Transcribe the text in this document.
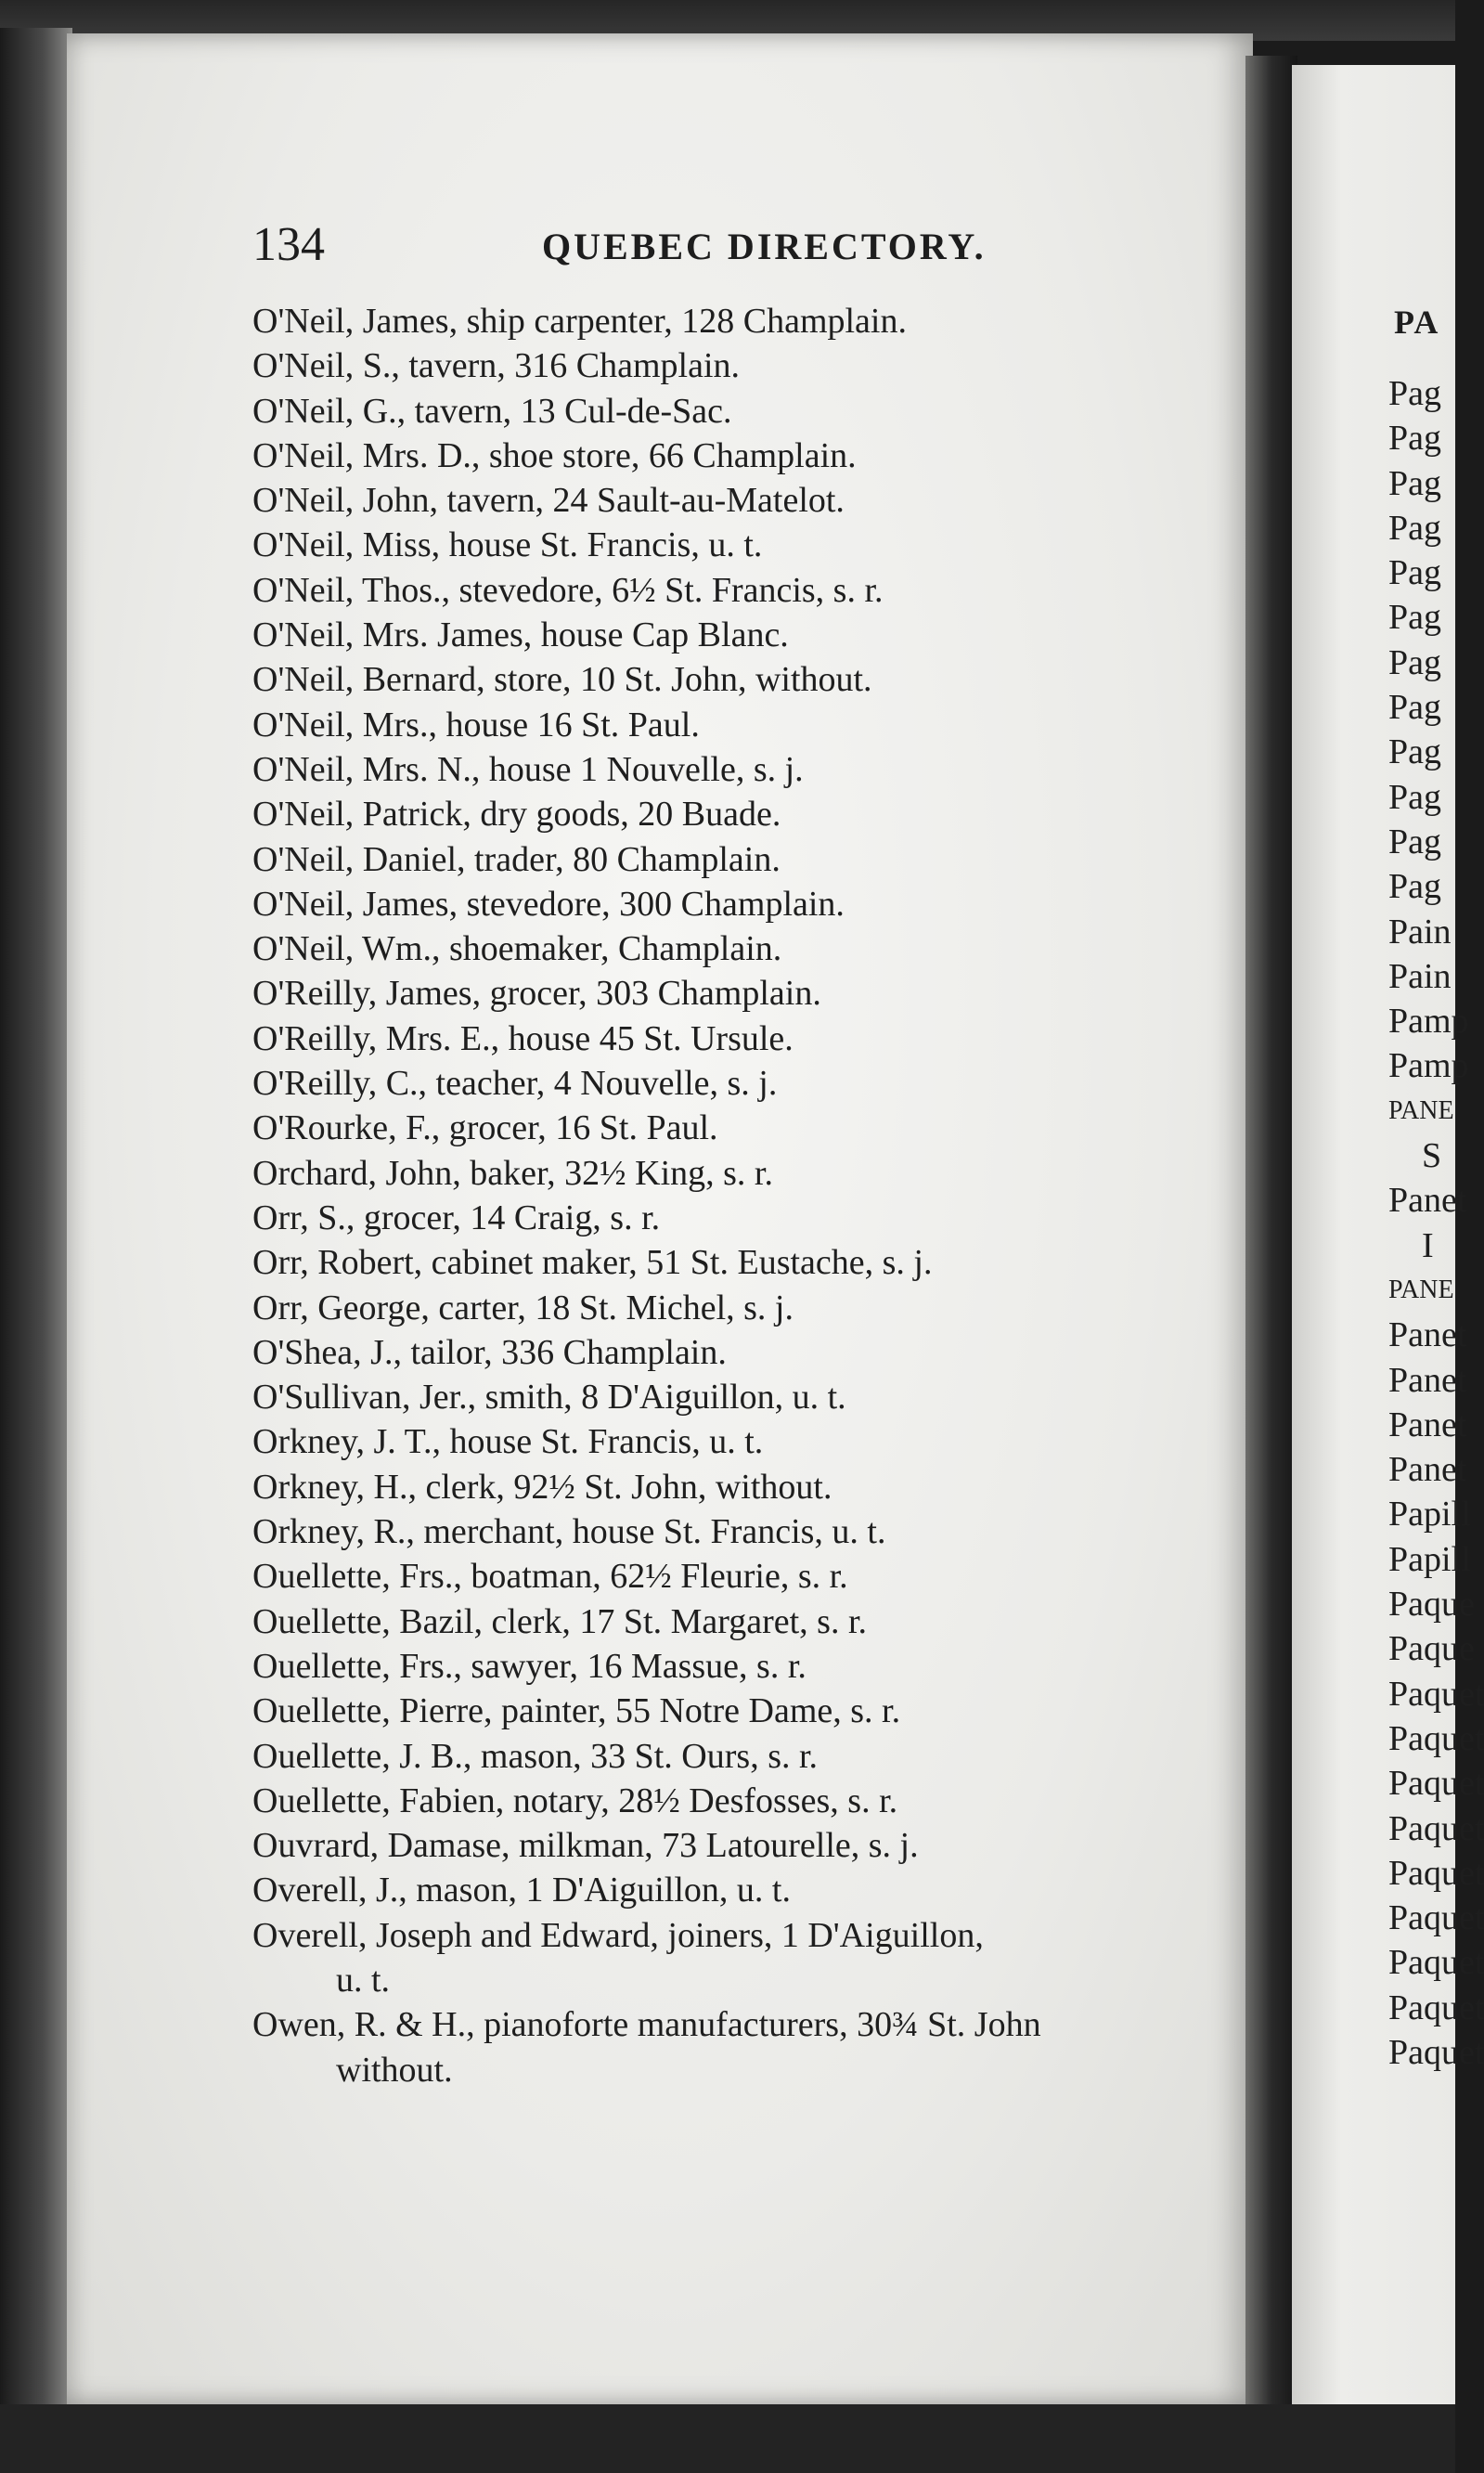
134	QUEBEC DIRECTORY.
O'Neil, James, ship carpenter, 128 Champlain.
O'Neil, S., tavern, 316 Champlain.
O'Neil, G., tavern, 13 Cul-de-Sac.
O'Neil, Mrs. D., shoe store, 66 Champlain.
O'Neil, John, tavern, 24 Sault-au-Matelot.
O'Neil, Miss, house St. Francis, u. t.
O'Neil, Thos., stevedore, 6½ St. Francis, s. r.
O'Neil, Mrs. James, house Cap Blanc.
O'Neil, Bernard, store, 10 St. John, without.
O'Neil, Mrs., house 16 St. Paul.
O'Neil, Mrs. N., house 1 Nouvelle, s. j.
O'Neil, Patrick, dry goods, 20 Buade.
O'Neil, Daniel, trader, 80 Champlain.
O'Neil, James, stevedore, 300 Champlain.
O'Neil, Wm., shoemaker, Champlain.
O'Reilly, James, grocer, 303 Champlain.
O'Reilly, Mrs. E., house 45 St. Ursule.
O'Reilly, C., teacher, 4 Nouvelle, s. j.
O'Rourke, F., grocer, 16 St. Paul.
Orchard, John, baker, 32½ King, s. r.
Orr, S., grocer, 14 Craig, s. r.
Orr, Robert, cabinet maker, 51 St. Eustache, s. j.
Orr, George, carter, 18 St. Michel, s. j.
O'Shea, J., tailor, 336 Champlain.
O'Sullivan, Jer., smith, 8 D'Aiguillon, u. t.
Orkney, J. T., house St. Francis, u. t.
Orkney, H., clerk, 92½ St. John, without.
Orkney, R., merchant, house St. Francis, u. t.
Ouellette, Frs., boatman, 62½ Fleurie, s. r.
Ouellette, Bazil, clerk, 17 St. Margaret, s. r.
Ouellette, Frs., sawyer, 16 Massue, s. r.
Ouellette, Pierre, painter, 55 Notre Dame, s. r.
Ouellette, J. B., mason, 33 St. Ours, s. r.
Ouellette, Fabien, notary, 28½ Desfosses, s. r.
Ouvrard, Damase, milkman, 73 Latourelle, s. j.
Overell, J., mason, 1 D'Aiguillon, u. t.
Overell, Joseph and Edward, joiners, 1 D'Aiguillon,
u. t.
Owen, R. & H., pianoforte manufacturers, 30¾ St. John
without.
PA
Pag
Pag
Pag
Pag
Pag
Pag
Pag
Pag
Pag
Pag
Pag
Pag
Pain
Pain
Pamp
Pamp
PANE
S
Panet
I
PANE
Panet
Panet
Panet
Panet
Papill
Papill
Paque
Paque
Paquet
Paquet
Paquet
Paquet
Paquet
Paquet
Paquet
Paquet
Paquet
